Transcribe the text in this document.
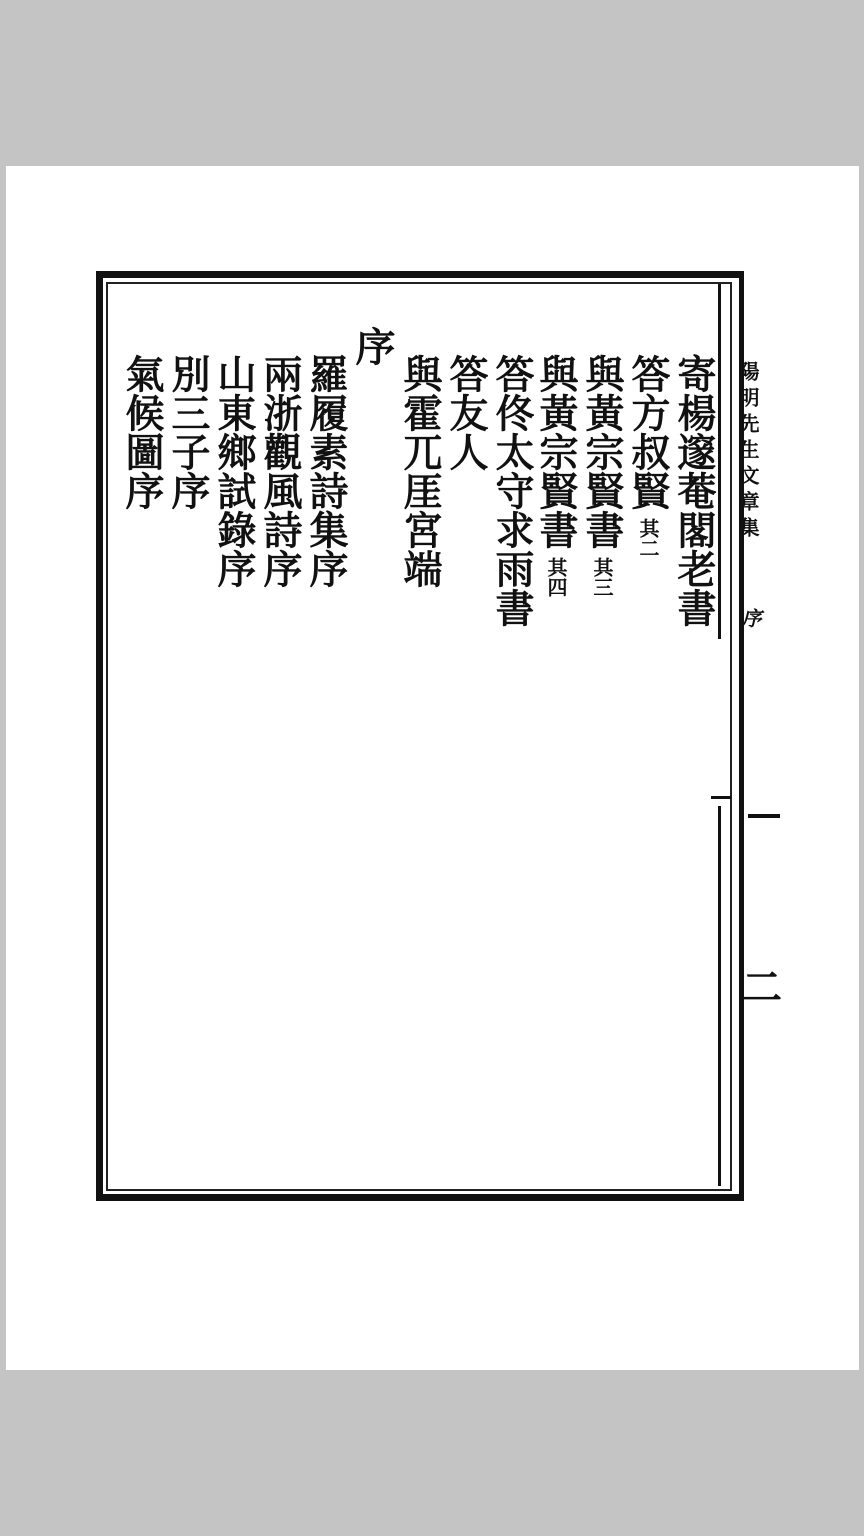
陽明先生文章集
序
二
寄楊邃菴閣老書
答方叔賢其二
與黃宗賢書其三
與黃宗賢書其四
答佟太守求雨書
答友人
與霍兀厓宮端
序
羅履素詩集序
兩浙觀風詩序
山東鄉試錄序
別三子序
氣候圖序
